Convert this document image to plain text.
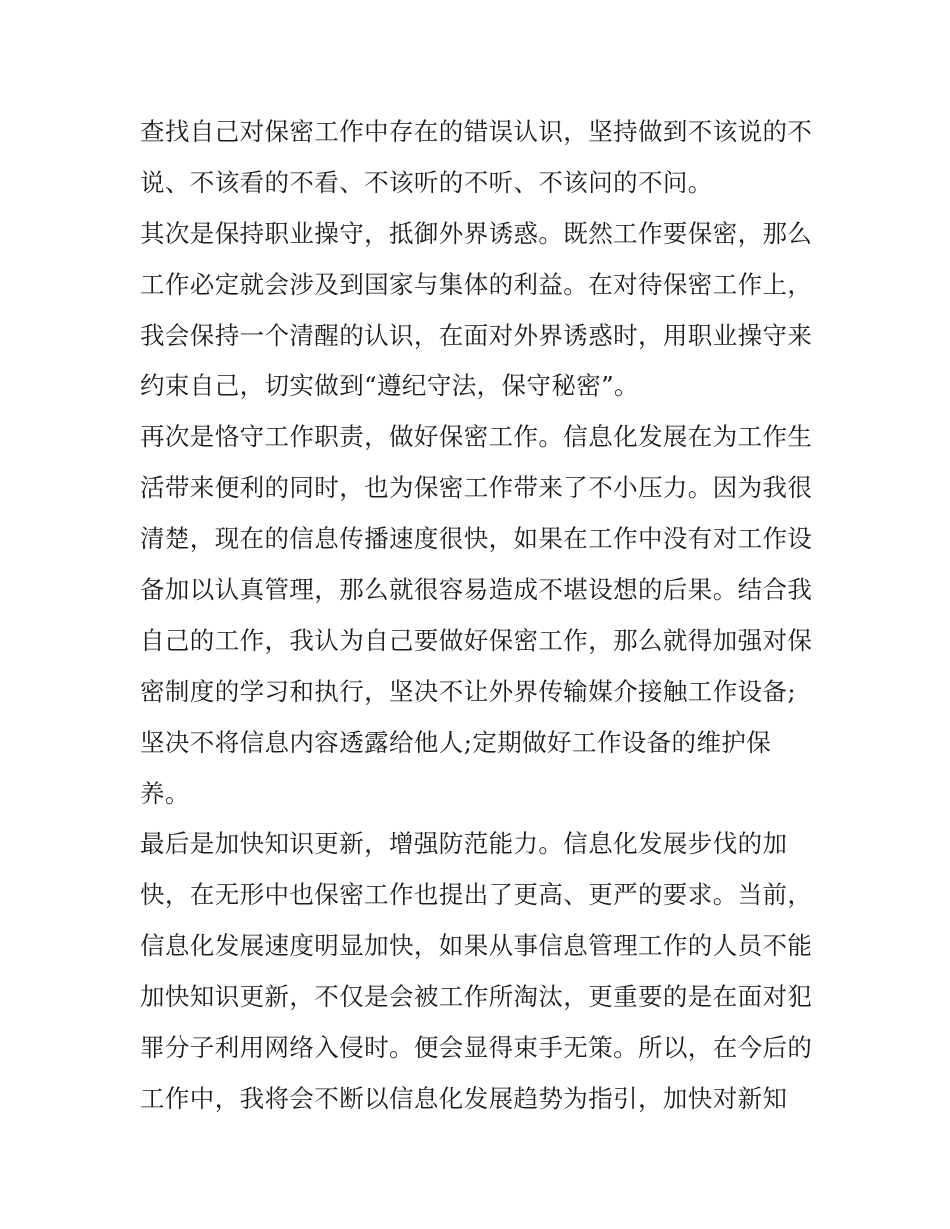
查找自己对保密工作中存在的错误认识，坚持做到不该说的不
说、不该看的不看、不该听的不听、不该问的不问。
其次是保持职业操守，抵御外界诱惑。既然工作要保密，那么
工作必定就会涉及到国家与集体的利益。在对待保密工作上，
我会保持一个清醒的认识，在面对外界诱惑时，用职业操守来
约束自己，切实做到“遵纪守法，保守秘密”。
再次是恪守工作职责，做好保密工作。信息化发展在为工作生
活带来便利的同时，也为保密工作带来了不小压力。因为我很
清楚，现在的信息传播速度很快，如果在工作中没有对工作设
备加以认真管理，那么就很容易造成不堪设想的后果。结合我
自己的工作，我认为自己要做好保密工作，那么就得加强对保
密制度的学习和执行，坚决不让外界传输媒介接触工作设备;
坚决不将信息内容透露给他人;定期做好工作设备的维护保
养。
最后是加快知识更新，增强防范能力。信息化发展步伐的加
快，在无形中也保密工作也提出了更高、更严的要求。当前，
信息化发展速度明显加快，如果从事信息管理工作的人员不能
加快知识更新，不仅是会被工作所淘汰，更重要的是在面对犯
罪分子利用网络入侵时。便会显得束手无策。所以，在今后的
工作中，我将会不断以信息化发展趋势为指引，加快对新知
